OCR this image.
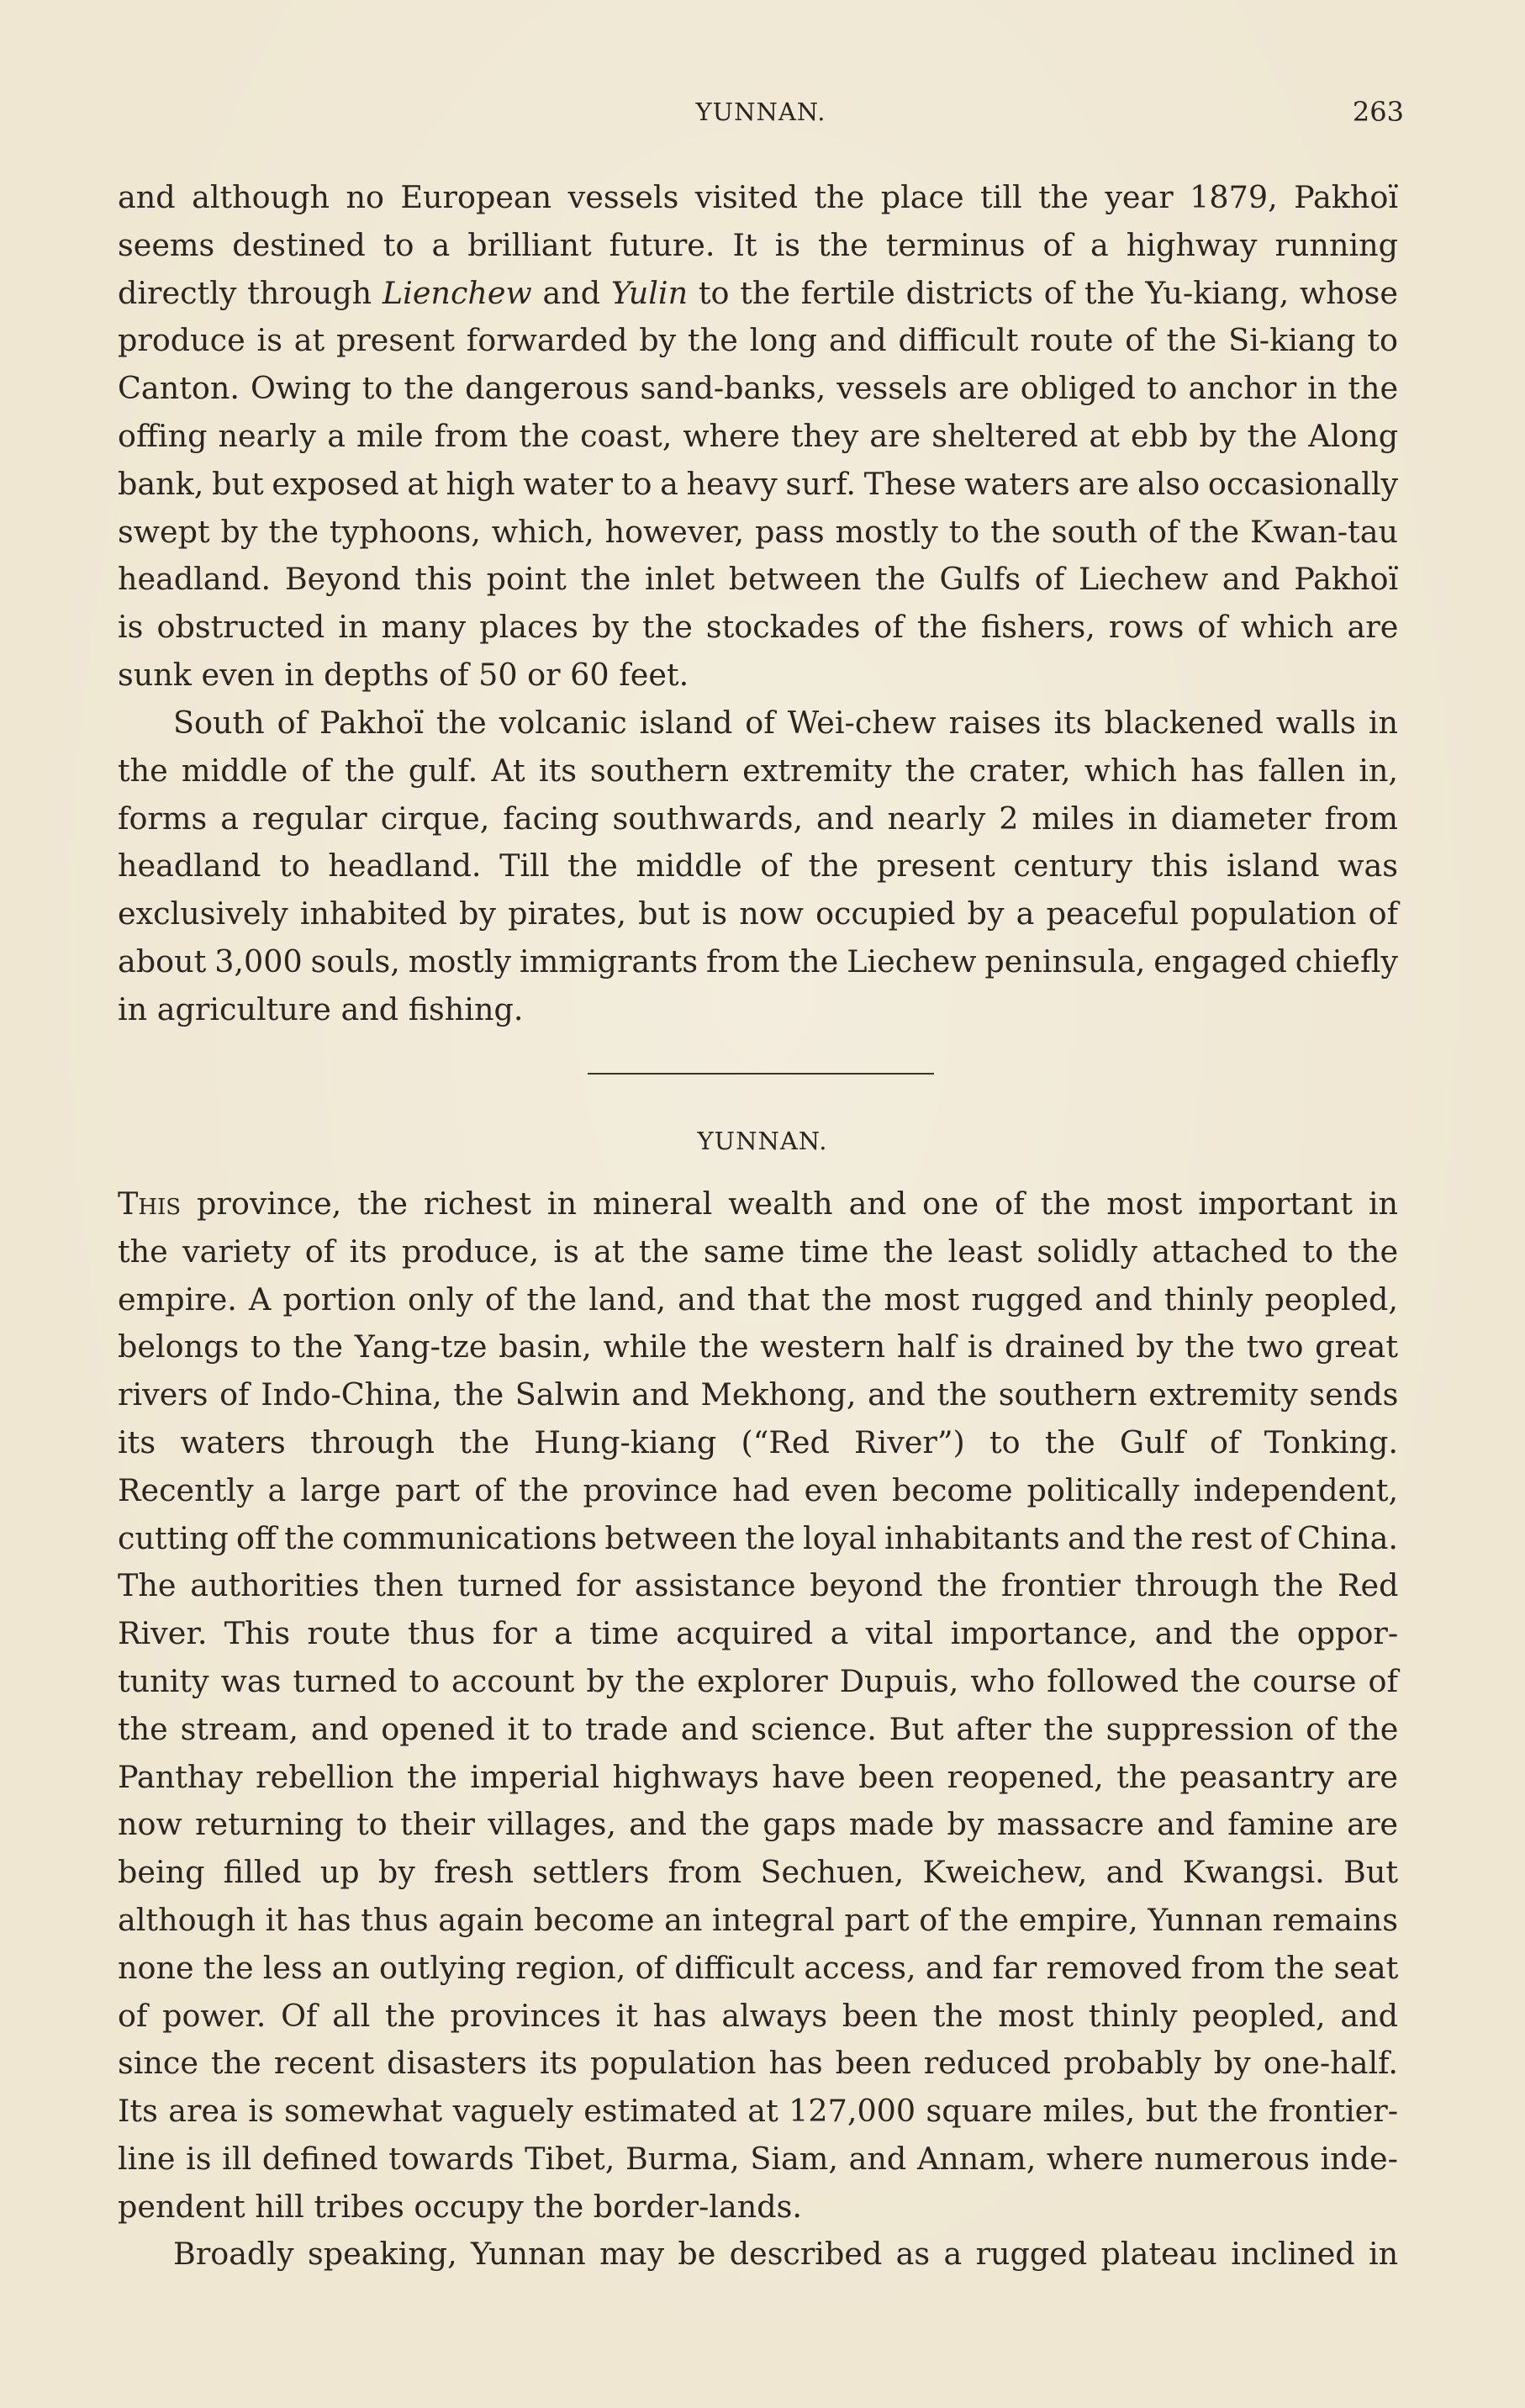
YUNNAN.	263

and although no European vessels visited the place till the year 1879, Pakhoï
seems destined to a brilliant future. It is the terminus of a highway running
directly through Lienchew and Yulin to the fertile districts of the Yu-kiang, whose
produce is at present forwarded by the long and difficult route of the Si-kiang to
Canton. Owing to the dangerous sand-banks, vessels are obliged to anchor in the
offing nearly a mile from the coast, where they are sheltered at ebb by the Along
bank, but exposed at high water to a heavy surf. These waters are also occasionally
swept by the typhoons, which, however, pass mostly to the south of the Kwan-tau
headland. Beyond this point the inlet between the Gulfs of Liechew and Pakhoï
is obstructed in many places by the stockades of the fishers, rows of which are
sunk even in depths of 50 or 60 feet.

South of Pakhoï the volcanic island of Wei-chew raises its blackened walls in
the middle of the gulf. At its southern extremity the crater, which has fallen in,
forms a regular cirque, facing southwards, and nearly 2 miles in diameter from
headland to headland. Till the middle of the present century this island was
exclusively inhabited by pirates, but is now occupied by a peaceful population of
about 3,000 souls, mostly immigrants from the Liechew peninsula, engaged chiefly
in agriculture and fishing.

YUNNAN.

This province, the richest in mineral wealth and one of the most important in
the variety of its produce, is at the same time the least solidly attached to the
empire. A portion only of the land, and that the most rugged and thinly peopled,
belongs to the Yang-tze basin, while the western half is drained by the two great
rivers of Indo-China, the Salwin and Mekhong, and the southern extremity sends
its waters through the Hung-kiang (“Red River”) to the Gulf of Tonking.
Recently a large part of the province had even become politically independent,
cutting off the communications between the loyal inhabitants and the rest of China.
The authorities then turned for assistance beyond the frontier through the Red
River. This route thus for a time acquired a vital importance, and the oppor-
tunity was turned to account by the explorer Dupuis, who followed the course of
the stream, and opened it to trade and science. But after the suppression of the
Panthay rebellion the imperial highways have been reopened, the peasantry are
now returning to their villages, and the gaps made by massacre and famine are
being filled up by fresh settlers from Sechuen, Kweichew, and Kwangsi. But
although it has thus again become an integral part of the empire, Yunnan remains
none the less an outlying region, of difficult access, and far removed from the seat
of power. Of all the provinces it has always been the most thinly peopled, and
since the recent disasters its population has been reduced probably by one-half.
Its area is somewhat vaguely estimated at 127,000 square miles, but the frontier-
line is ill defined towards Tibet, Burma, Siam, and Annam, where numerous inde-
pendent hill tribes occupy the border-lands.

Broadly speaking, Yunnan may be described as a rugged plateau inclined in
